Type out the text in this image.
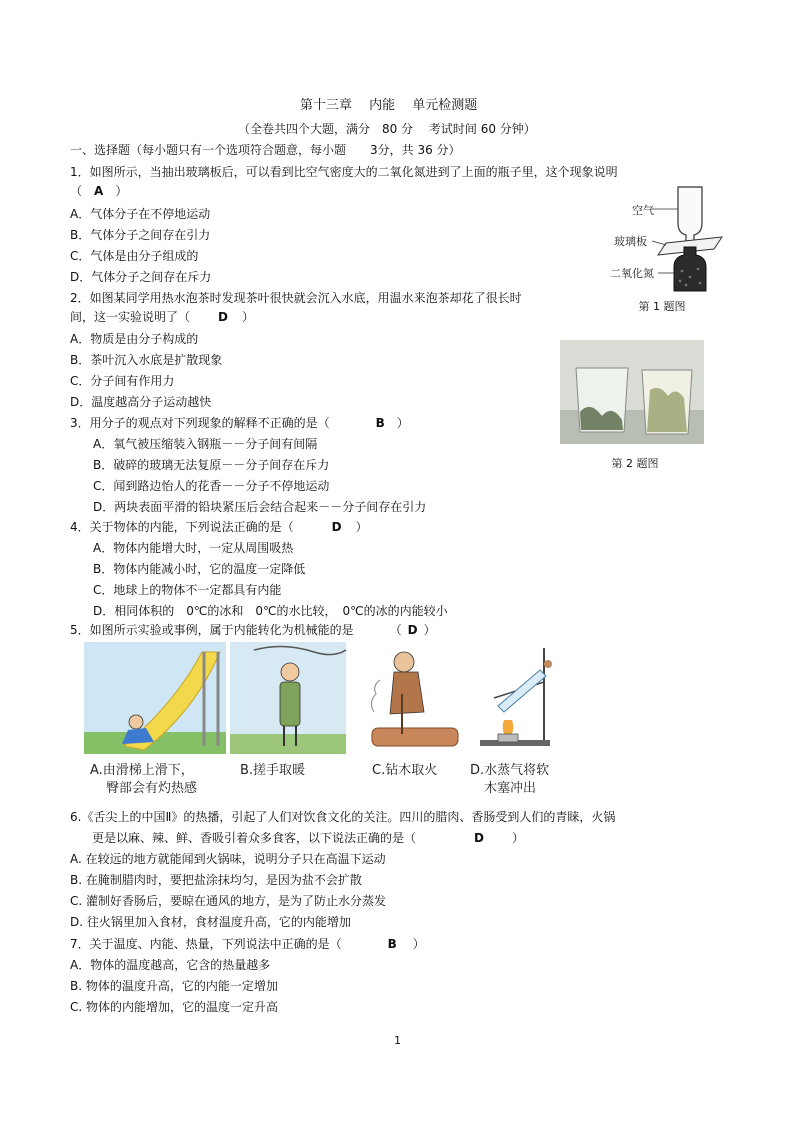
第十三章　 内能　 单元检测题
（全卷共四个大题，满分　80 分　 考试时间 60 分钟）
一、选择题（每小题只有一个选项符合题意，每小题　　3分，共 36 分）
1．如图所示，当抽出玻璃板后，可以看到比空气密度大的二氧化氮进到了上面的瓶子里，这个现象说明
（　A　）
A．气体分子在不停地运动
B．气体分子之间存在引力
C．气体是由分子组成的
D．气体分子之间存在斥力
空气
玻璃板
二氧化氮
第 1 题图
2．如图某同学用热水泡茶时发现茶叶很快就会沉入水底，用温水来泡茶却花了很长时
间，这一实验说明了（ D ）
A．物质是由分子构成的
B．茶叶沉入水底是扩散现象
C．分子间有作用力
D．温度越高分子运动越快
第 2 题图
3．用分子的观点对下列现象的解释不正确的是（	B ）
A．氧气被压缩装入钢瓶－－分子间有间隔
B．破碎的玻璃无法复原－－分子间存在斥力
C．闻到路边怡人的花香－－分子不停地运动
D．两块表面平滑的铅块紧压后会结合起来－－分子间存在引力
4．关于物体的内能，下列说法正确的是（	D ）
A．物体内能增大时，一定从周围吸热
B．物体内能减小时，它的温度一定降低
C．地球上的物体不一定都具有内能
D．相同体积的　0℃的冰和　0℃的水比较，　0℃的冰的内能较小
5．如图所示实验或事例，属于内能转化为机械能的是	（ D ）
A.由滑梯上滑下，
臀部会有灼热感
B.搓手取暖	C.钻木取火	D.水蒸气将软
木塞冲出
6.《舌尖上的中国Ⅱ》的热播，引起了人们对饮食文化的关注。四川的腊肉、香肠受到人们的青睐，火锅
更是以麻、辣、鲜、香吸引着众多食客，以下说法正确的是（	D ）
A. 在较远的地方就能闻到火锅味，说明分子只在高温下运动
B. 在腌制腊肉时，要把盐涂抹均匀，是因为盐不会扩散
C. 灌制好香肠后，要晾在通风的地方，是为了防止水分蒸发
D. 往火锅里加入食材，食材温度升高，它的内能增加
7．关于温度、内能、热量，下列说法中正确的是（	B ）
A．物体的温度越高，它含的热量越多
B. 物体的温度升高，它的内能一定增加
C. 物体的内能增加，它的温度一定升高
1
